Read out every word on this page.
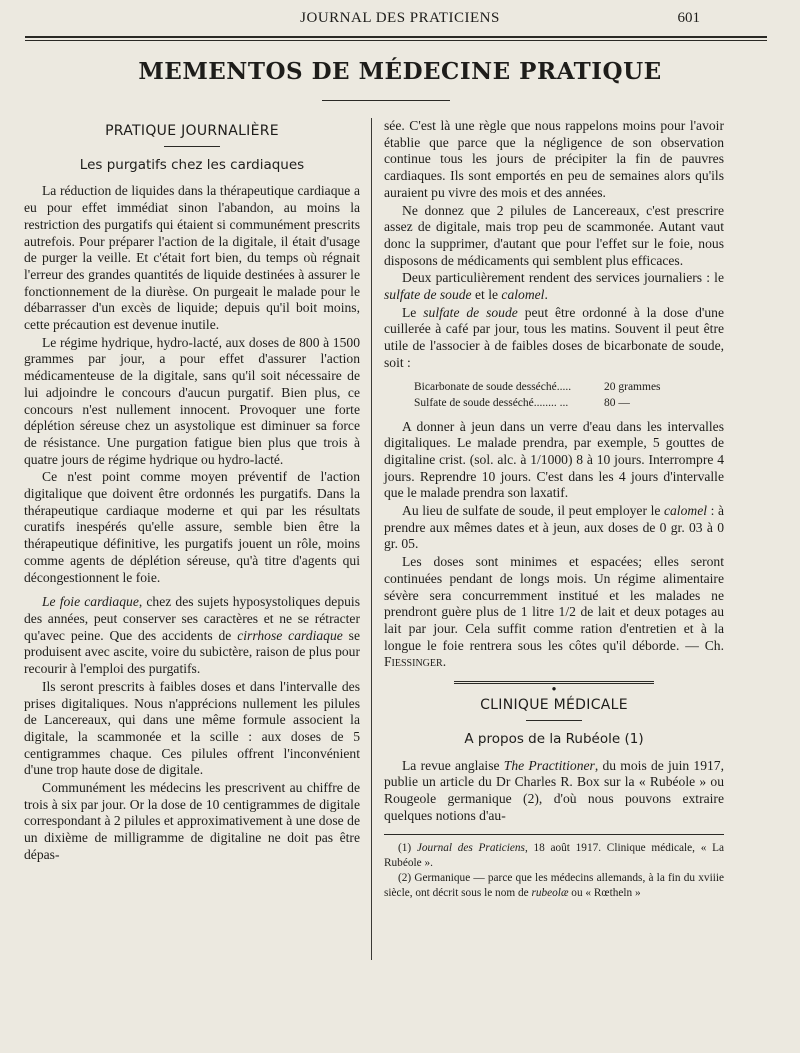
JOURNAL DES PRATICIENS	601
MEMENTOS DE MÉDECINE PRATIQUE
PRATIQUE JOURNALIÈRE
Les purgatifs chez les cardiaques

La réduction de liquides dans la thérapeutique cardiaque a eu pour effet immédiat sinon l'abandon, au moins la restriction des purgatifs qui étaient si communément prescrits autrefois. Pour préparer l'action de la digitale, il était d'usage de purger la veille. Et c'était fort bien, du temps où régnait l'erreur des grandes quantités de liquide destinées à assurer le fonctionnement de la diurèse. On purgeait le malade pour le débarrasser d'un excès de liquide; depuis qu'il boit moins, cette précaution est devenue inutile.

Le régime hydrique, hydro-lacté, aux doses de 800 à 1500 grammes par jour, a pour effet d'assurer l'action médicamenteuse de la digitale, sans qu'il soit nécessaire de lui adjoindre le concours d'aucun purgatif. Bien plus, ce concours n'est nullement innocent. Provoquer une forte déplétion séreuse chez un asystolique est diminuer sa force de résistance. Une purgation fatigue bien plus que trois à quatre jours de régime hydrique ou hydro-lacté.

Ce n'est point comme moyen préventif de l'action digitalique que doivent être ordonnés les purgatifs. Dans la thérapeutique cardiaque moderne et qui par les résultats curatifs inespérés qu'elle assure, semble bien être la thérapeutique définitive, les purgatifs jouent un rôle, moins comme agents de déplétion séreuse, qu'à titre d'agents qui décongestionnent le foie.

Le foie cardiaque, chez des sujets hyposystoliques depuis des années, peut conserver ses caractères et ne se rétracter qu'avec peine. Que des accidents de cirrhose cardiaque se produisent avec ascite, voire du subictère, raison de plus pour recourir à l'emploi des purgatifs.

Ils seront prescrits à faibles doses et dans l'intervalle des prises digitaliques. Nous n'apprécions nullement les pilules de Lancereaux, qui dans une même formule associent la digitale, la scammonée et la scille : aux doses de 5 centigrammes chaque. Ces pilules offrent l'inconvénient d'une trop haute dose de digitale.

Communément les médecins les prescrivent au chiffre de trois à six par jour. Or la dose de 10 centigrammes de digitale correspondant à 2 pilules et approximativement à une dose de un dixième de milligramme de digitaline ne doit pas être dépas-

sée. C'est là une règle que nous rappelons moins pour l'avoir établie que parce que la négligence de son observation continue tous les jours de précipiter la fin de pauvres cardiaques. Ils sont emportés en peu de semaines alors qu'ils auraient pu vivre des mois et des années.

Ne donnez que 2 pilules de Lancereaux, c'est prescrire assez de digitale, mais trop peu de scammonée. Autant vaut donc la supprimer, d'autant que pour l'effet sur le foie, nous disposons de médicaments qui semblent plus efficaces.

Deux particulièrement rendent des services journaliers : le sulfate de soude et le calomel.

Le sulfate de soude peut être ordonné à la dose d'une cuillerée à café par jour, tous les matins. Souvent il peut être utile de l'associer à de faibles doses de bicarbonate de soude, soit :

Bicarbonate de soude desséché.....	20 grammes
Sulfate de soude desséché........ ...	80 —

A donner à jeun dans un verre d'eau dans les intervalles digitaliques. Le malade prendra, par exemple, 5 gouttes de digitaline crist. (sol. alc. à 1/1000) 8 à 10 jours. Interrompre 4 jours. Reprendre 10 jours. C'est dans les 4 jours d'intervalle que le malade prendra son laxatif.

Au lieu de sulfate de soude, il peut employer le calomel : à prendre aux mêmes dates et à jeun, aux doses de 0 gr. 03 à 0 gr. 05.

Les doses sont minimes et espacées; elles seront continuées pendant de longs mois. Un régime alimentaire sévère sera concurremment institué et les malades ne prendront guère plus de 1 litre 1/2 de lait et deux potages au lait par jour. Cela suffit comme ration d'entretien et à la longue le foie rentrera sous les côtes qu'il déborde. — Ch. Fiessinger.

●
CLINIQUE MÉDICALE
A propos de la Rubéole (1)

La revue anglaise The Practitioner, du mois de juin 1917, publie un article du Dr Charles R. Box sur la « Rubéole » ou Rougeole germanique (2), d'où nous pouvons extraire quelques notions d'au-

(1) Journal des Praticiens, 18 août 1917. Clinique médicale, « La Rubéole ».

(2) Germanique — parce que les médecins allemands, à la fin du xviiie siècle, ont décrit sous le nom de rubeolæ ou « Rœtheln »
